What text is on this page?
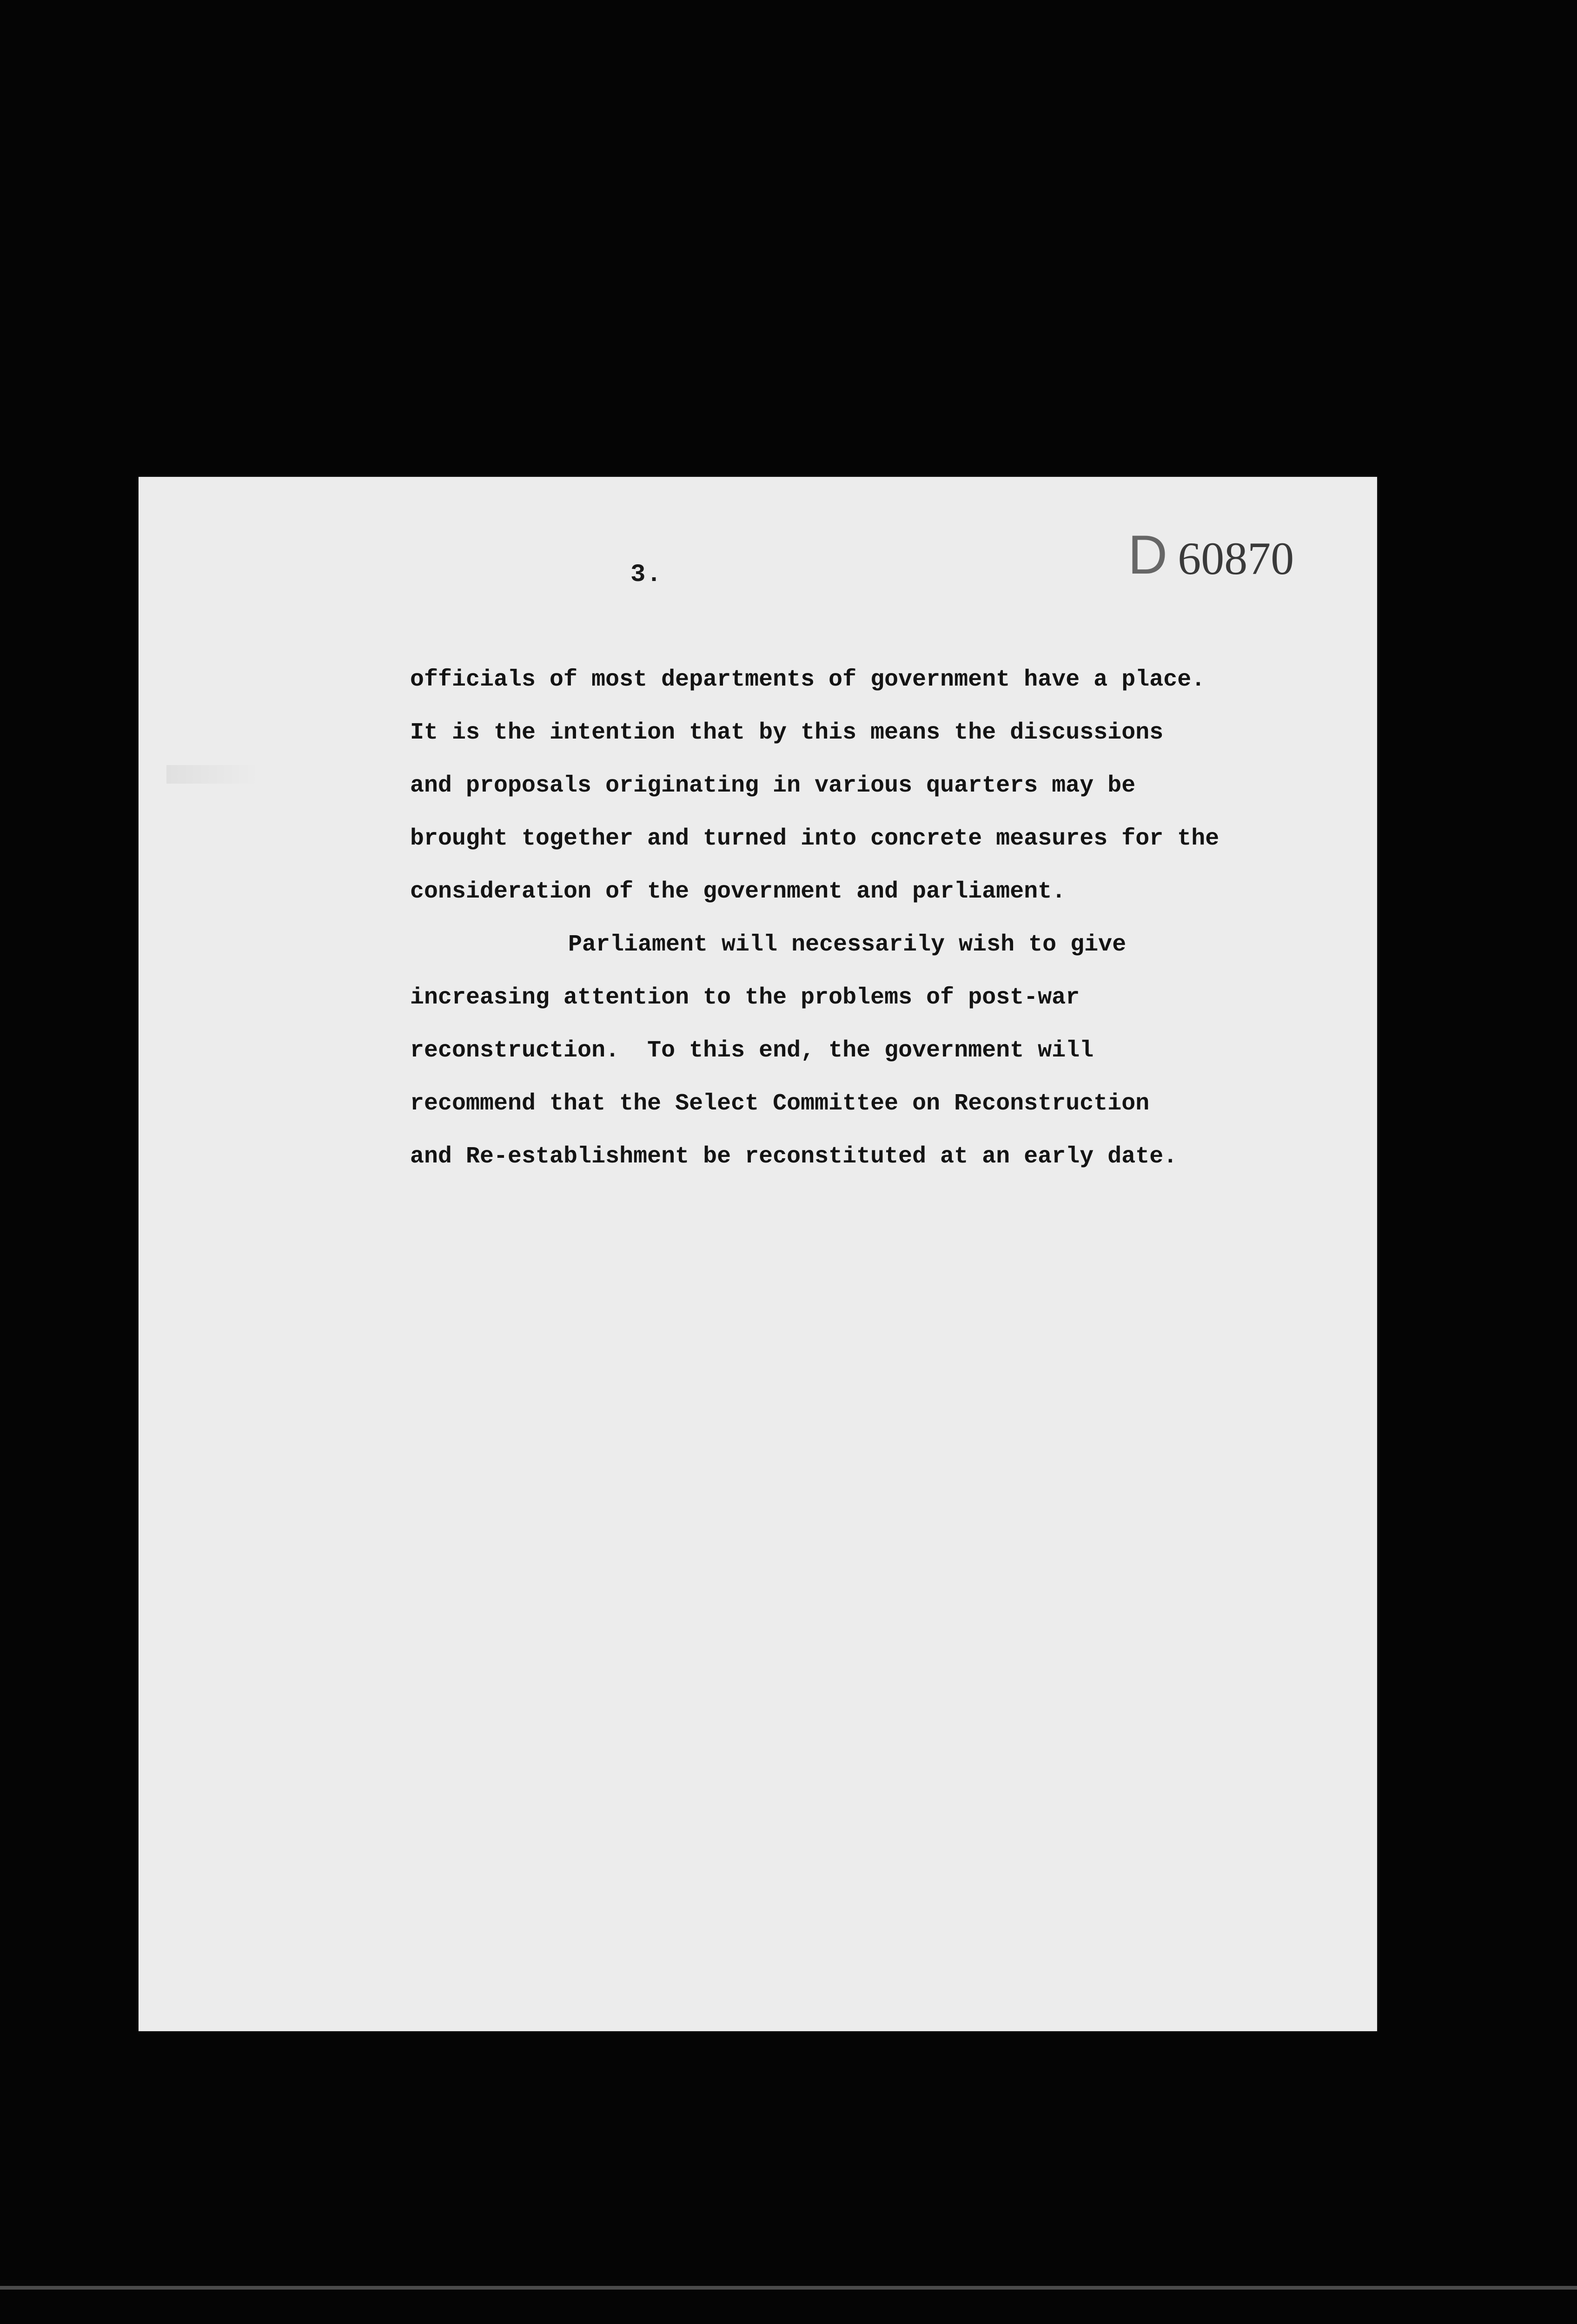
3.	D 60870
officials of most departments of government have a place.
It is the intention that by this means the discussions
and proposals originating in various quarters may be
brought together and turned into concrete measures for the
consideration of the government and parliament.
Parliament will necessarily wish to give
increasing attention to the problems of post-war
reconstruction.  To this end, the government will
recommend that the Select Committee on Reconstruction
and Re-establishment be reconstituted at an early date.
